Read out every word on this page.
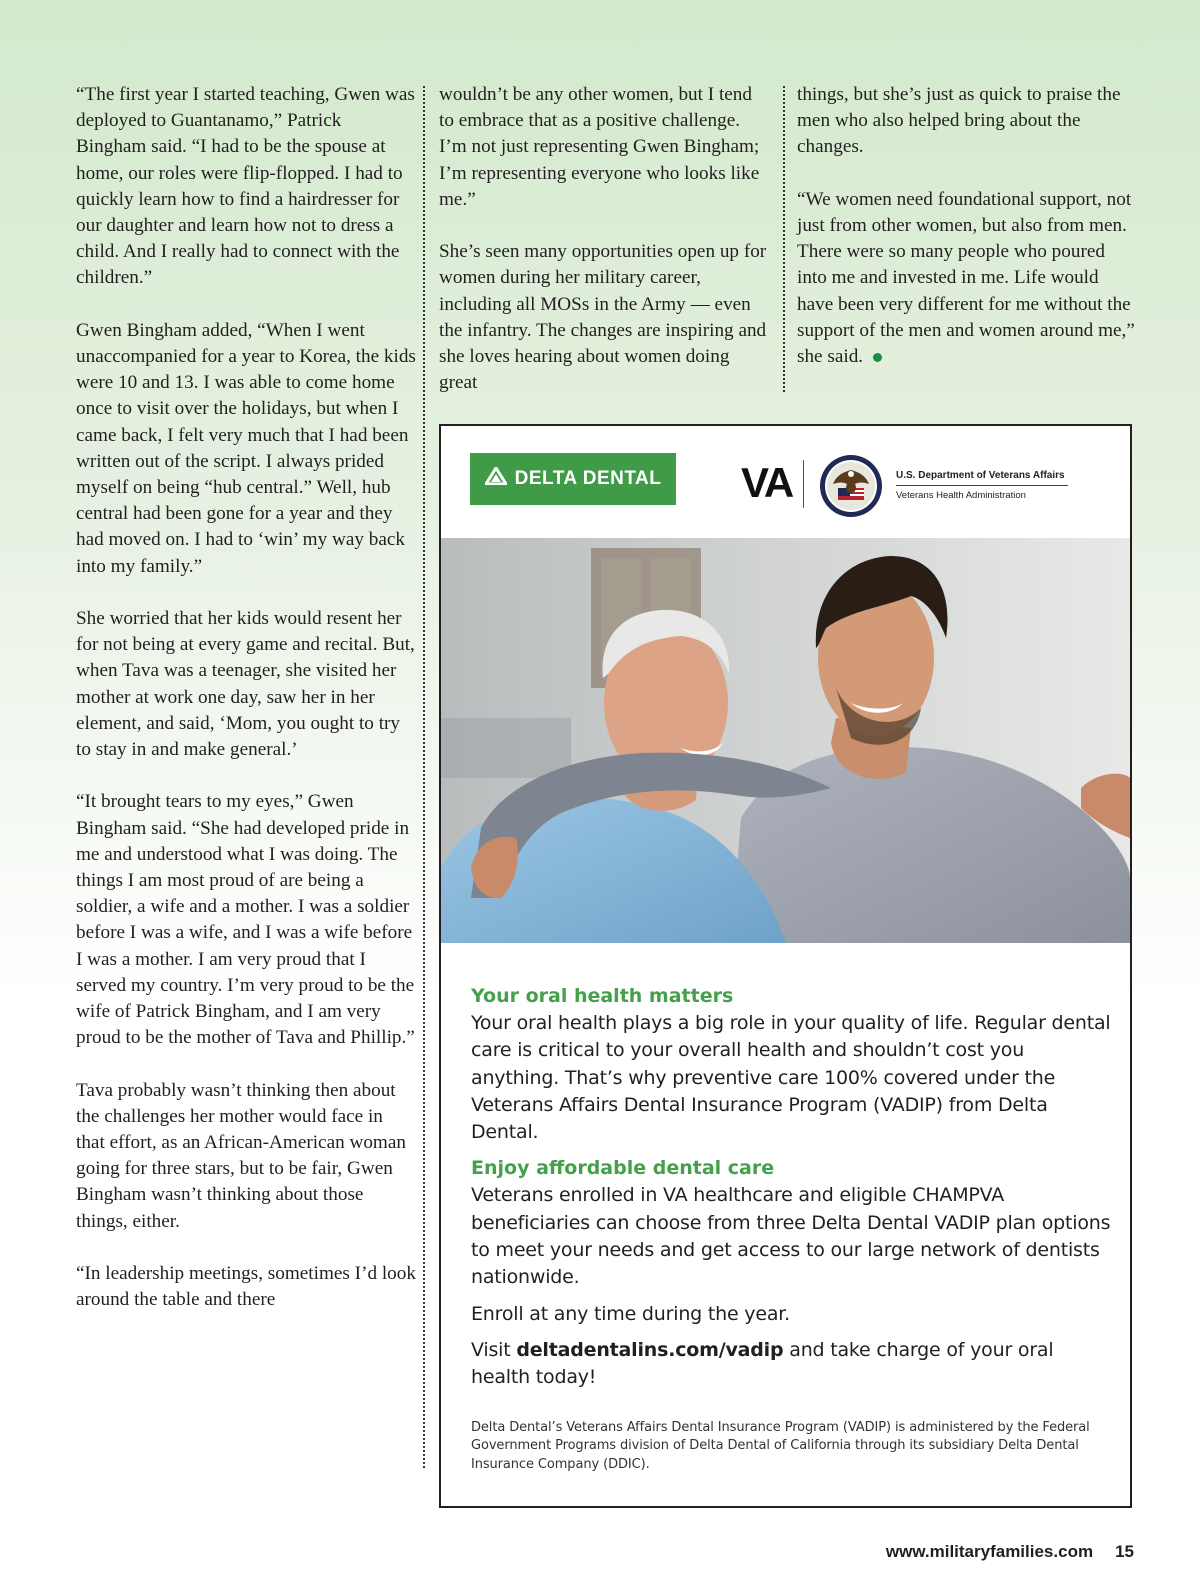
“The first year I started teaching, Gwen was deployed to Guantanamo,” Patrick Bingham said. “I had to be the spouse at home, our roles were flip-flopped. I had to quickly learn how to find a hairdresser for our daughter and learn how not to dress a child. And I really had to connect with the children.”

Gwen Bingham added, “When I went unaccompanied for a year to Korea, the kids were 10 and 13. I was able to come home once to visit over the holidays, but when I came back, I felt very much that I had been written out of the script. I always prided myself on being “hub central.” Well, hub central had been gone for a year and they had moved on. I had to ‘win’ my way back into my family.”

She worried that her kids would resent her for not being at every game and recital. But, when Tava was a teenager, she visited her mother at work one day, saw her in her element, and said, ‘Mom, you ought to try to stay in and make general.’

“It brought tears to my eyes,” Gwen Bingham said. “She had developed pride in me and understood what I was doing. The things I am most proud of are being a soldier, a wife and a mother. I was a soldier before I was a wife, and I was a wife before I was a mother. I am very proud that I served my country. I’m very proud to be the wife of Patrick Bingham, and I am very proud to be the mother of Tava and Phillip.”

Tava probably wasn’t thinking then about the challenges her mother would face in that effort, as an African-American woman going for three stars, but to be fair, Gwen Bingham wasn’t thinking about those things, either.

“In leadership meetings, sometimes I’d look around the table and there

wouldn’t be any other women, but I tend to embrace that as a positive challenge. I’m not just representing Gwen Bingham; I’m representing everyone who looks like me.”

She’s seen many opportunities open up for women during her military career, including all MOSs in the Army — even the infantry. The changes are inspiring and she loves hearing about women doing great

things, but she’s just as quick to praise the men who also helped bring about the changes.

“We women need foundational support, not just from other women, but also from men. There were so many people who poured into me and invested in me. Life would have been very different for me without the support of the men and women around me,” she said.

DELTA DENTAL VA	U.S. Department of Veterans Affairs
Veterans Health Administration

Your oral health matters

Your oral health plays a big role in your quality of life. Regular dental care is critical to your overall health and shouldn’t cost you anything. That’s why preventive care 100% covered under the Veterans Affairs Dental Insurance Program (VADIP) from Delta Dental.

Enjoy affordable dental care

Veterans enrolled in VA healthcare and eligible CHAMPVA beneficiaries can choose from three Delta Dental VADIP plan options to meet your needs and get access to our large network of dentists nationwide.

Enroll at any time during the year.

Visit deltadentalins.com/vadip and take charge of your oral health today!

Delta Dental’s Veterans Affairs Dental Insurance Program (VADIP) is administered by the Federal Government Programs division of Delta Dental of California through its subsidiary Delta Dental Insurance Company (DDIC).

www.militaryfamilies.com 15
